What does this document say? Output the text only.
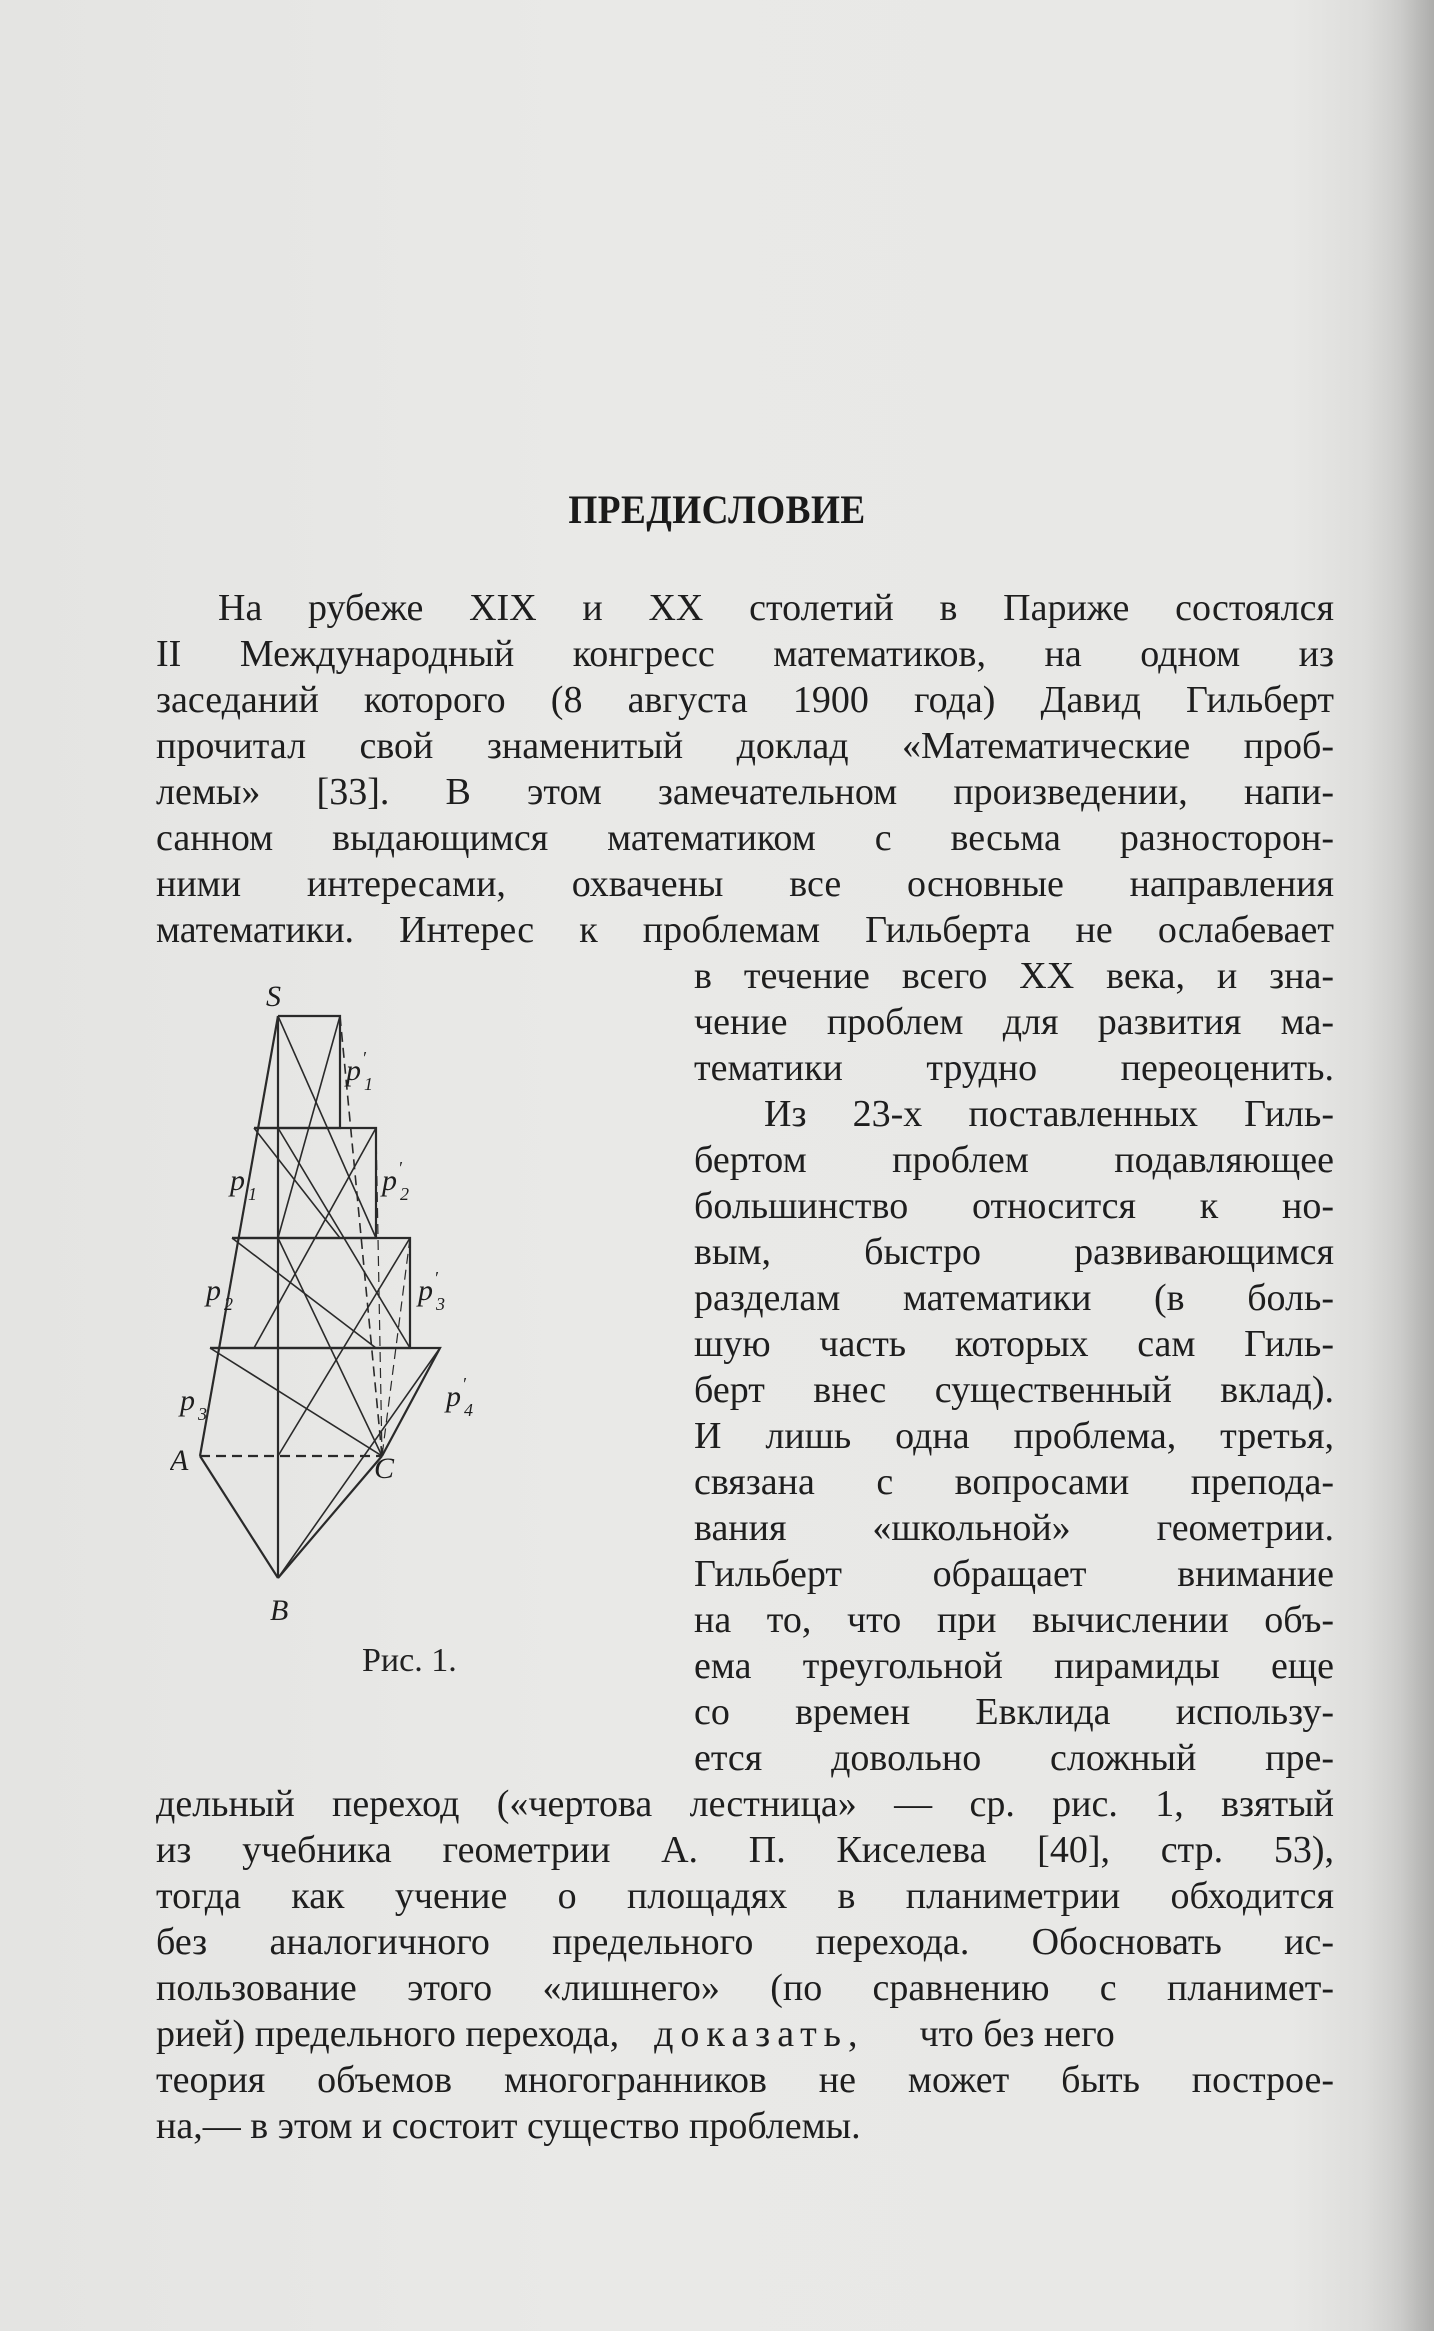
ПРЕДИСЛОВИЕ
На рубеже XIX и XX столетий в Париже состоялся
II Международный конгресс математиков, на одном из
заседаний которого (8 августа 1900 года) Давид Гильберт
прочитал свой знаменитый доклад «Математические проб-
лемы» [33]. В этом замечательном произведении, напи-
санном выдающимся математиком с весьма разносторон-
ними интересами, охвачены все основные направления
математики. Интерес к проблемам Гильберта не ослабевает
в течение всего XX века, и зна-
чение проблем для развития ма-
тематики трудно переоценить.
Из 23-х поставленных Гиль-
бертом проблем подавляющее
большинство относится к но-
вым, быстро развивающимся
разделам математики (в боль-
шую часть которых сам Гиль-
берт внес существенный вклад).
И лишь одна проблема, третья,
связана с вопросами препода-
вания «школьной» геометрии.
Гильберт обращает внимание
на то, что при вычислении объ-
ема треугольной пирамиды еще
со времен Евклида использу-
ется довольно сложный пре-
дельный переход («чертова лестница» — ср. рис. 1, взятый
из учебника геометрии А. П. Киселева [40], стр. 53),
тогда как учение о площадях в планиметрии обходится
без аналогичного предельного перехода. Обосновать ис-
пользование этого «лишнего» (по сравнению с планимет-
рией) предельного перехода, доказать, что без него
теория объемов многогранников не может быть построе-
на,— в этом и состоит существо проблемы.
S
A
B
C
p 1
p 2
p 3
p ′
1
p ′
2
p ′
3
p ′
4
Рис. 1.
